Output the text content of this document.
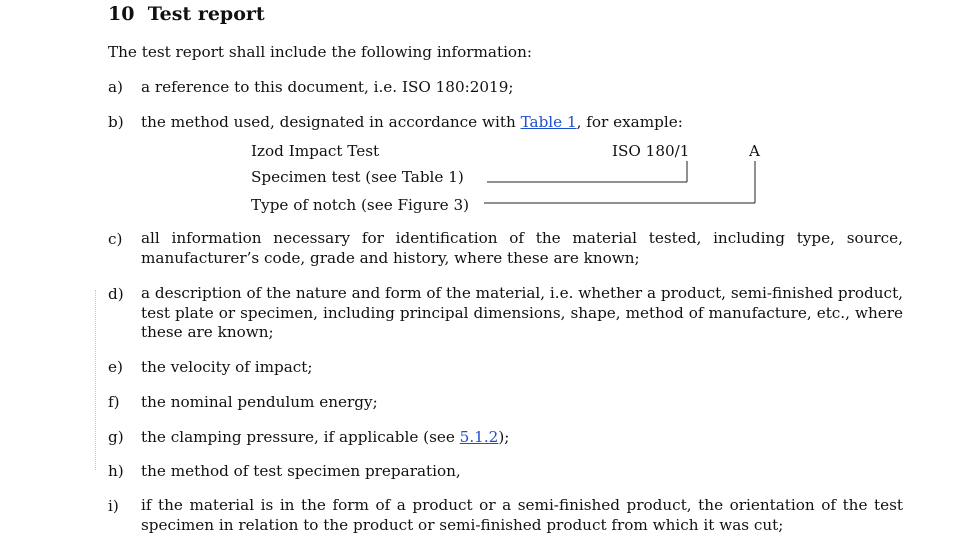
10 Test report
The test report shall include the following information:
a) a reference to this document, i.e. ISO 180:2019;
b) the method used, designated in accordance with Table 1, for example:
Izod Impact Test	ISO 180/1	A
Specimen test (see Table 1)
Type of notch (see Figure 3)
c) all information necessary for identification of the material tested, including type, source, manufacturer’s code, grade and history, where these are known;
d) a description of the nature and form of the material, i.e. whether a product, semi-finished product, test plate or specimen, including principal dimensions, shape, method of manufacture, etc., where these are known;
e) the velocity of impact;
f) the nominal pendulum energy;
g) the clamping pressure, if applicable (see 5.1.2);
h) the method of test specimen preparation,
i) if the material is in the form of a product or a semi-finished product, the orientation of the test specimen in relation to the product or semi-finished product from which it was cut;
